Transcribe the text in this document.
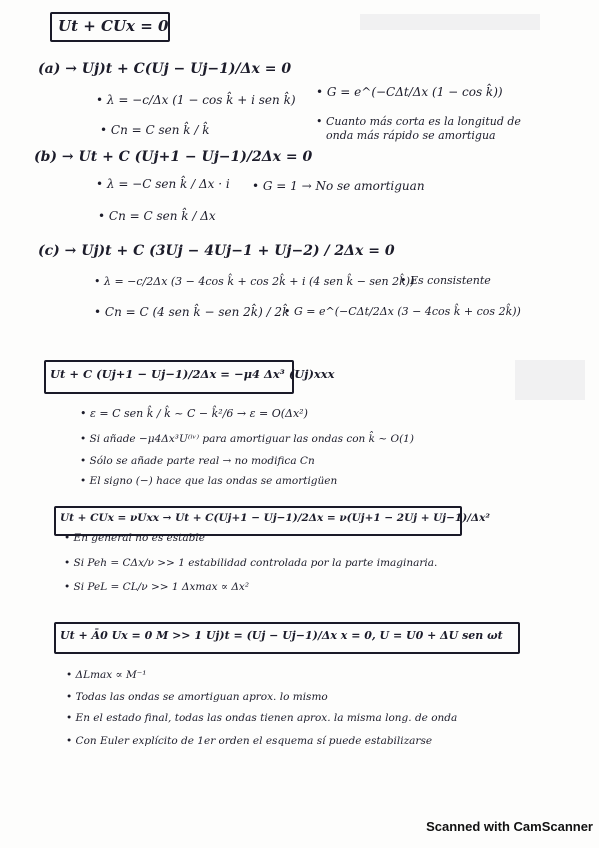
Ut + CUx = 0
(a) → Uj)t + C(Uj − Uj−1)/Δx = 0
• λ = −c/Δx (1 − cos k̂ + i sen k̂)
• Cn = C sen k̂ / k̂
• G = e^(−CΔt/Δx (1 − cos k̂))
• Cuanto más corta es la longitud de
onda más rápido se amortigua
(b) → Ut + C (Uj+1 − Uj−1)/2Δx = 0
• λ = −C sen k̂ / Δx · i • G = 1 → No se amortiguan
• Cn = C sen k̂ / Δx
(c) → Uj)t + C (3Uj − 4Uj−1 + Uj−2) / 2Δx = 0
• λ = −c/2Δx (3 − 4cos k̂ + cos 2k̂ + i (4 sen k̂ − sen 2k̂))
• Es consistente
• Cn = C (4 sen k̂ − sen 2k̂) / 2k̂
• G = e^(−CΔt/2Δx (3 − 4cos k̂ + cos 2k̂))
Ut + C (Uj+1 − Uj−1)/2Δx = −μ4 Δx³ (Uj)xxx
• ε = C sen k̂ / k̂ ~ C − k̂²/6 → ε = O(Δx²)
• Si añade −μ4Δx³U⁽ⁱᵛ⁾ para amortiguar las ondas con k̂ ~ O(1)
• Sólo se añade parte real → no modifica Cn
• El signo (−) hace que las ondas se amortigüen
Ut + CUx = νUxx → Ut + C(Uj+1 − Uj−1)/2Δx = ν(Uj+1 − 2Uj + Uj−1)/Δx²
• En general no es estable
• Si Peh = CΔx/ν >> 1 estabilidad controlada por la parte imaginaria.
• Si PeL = CL/ν >> 1 Δxmax ∝ Δx²
Ut + Ā0 Ux = 0 M >> 1 Uj)t = (Uj − Uj−1)/Δx x = 0, U = U0 + ΔU sen ωt
• ΔLmax ∝ M⁻¹
• Todas las ondas se amortiguan aprox. lo mismo
• En el estado final, todas las ondas tienen aprox. la misma long. de onda
• Con Euler explícito de 1er orden el esquema sí puede estabilizarse
Scanned with CamScanner
